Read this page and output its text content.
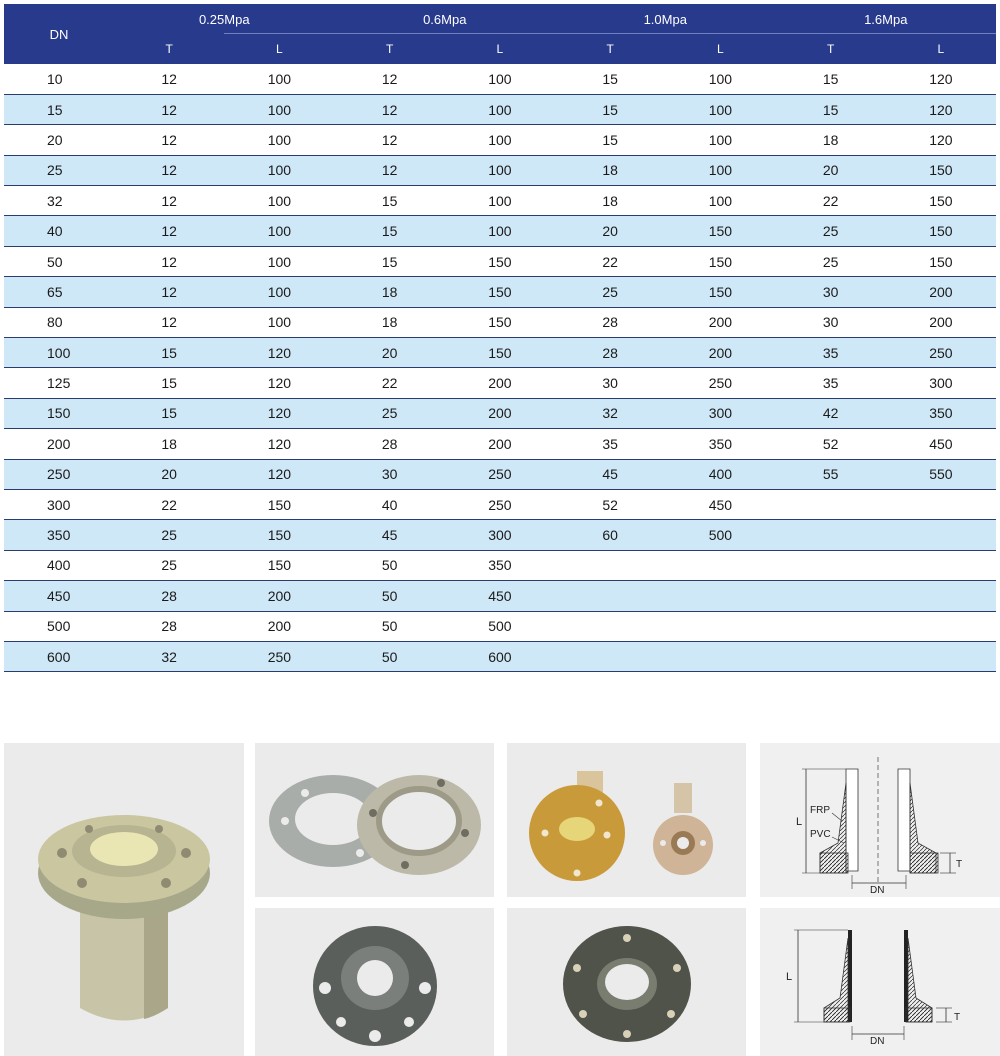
DN	0.25Mpa		0.6Mpa		1.0Mpa		1.6Mpa	
	T	L	T	L	T	L	T	L
10	12	100	12	100	15	100	15	120
15	12	100	12	100	15	100	15	120
20	12	100	12	100	15	100	18	120
25	12	100	12	100	18	100	20	150
32	12	100	15	100	18	100	22	150
40	12	100	15	100	20	150	25	150
50	12	100	15	150	22	150	25	150
65	12	100	18	150	25	150	30	200
80	12	100	18	150	28	200	30	200
100	15	120	20	150	28	200	35	250
125	15	120	22	200	30	250	35	300
150	15	120	25	200	32	300	42	350
200	18	120	28	200	35	350	52	450
250	20	120	30	250	45	400	55	550
300	22	150	40	250	52	450		
350	25	150	45	300	60	500		
400	25	150	50	350				
450	28	200	50	450				
500	28	200	50	500				
600	32	250	50	600				
FRP
PVC
L
DN
T
L
DN
T
